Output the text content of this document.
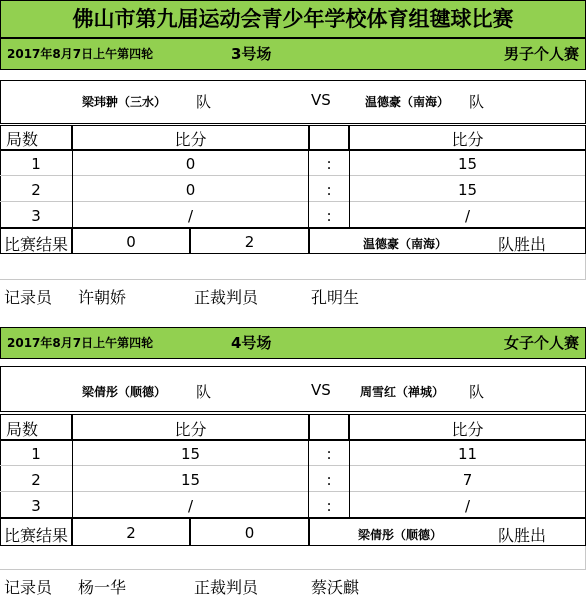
佛山市第九届运动会青少年学校体育组毽球比赛
2017年8月7日上午第四轮	3号场	男子个人赛
梁玮翀（三水） 队	VS	温德豪（南海） 队
局数	比分	比分
1	0	:	15
2	0	:	15
3	/	:	/
比赛结果	0	2	温德豪（南海）	队胜出
记录员 许朝娇	正裁判员	孔明生
2017年8月7日上午第四轮	4号场	女子个人赛
梁倩彤（顺德） 队	VS 周雪红（禅城） 队
局数	比分	比分
1	15	:	11
2	15	:	7
3	/	:	/
比赛结果	2	0	梁倩彤（顺德）	队胜出
记录员 杨一华	正裁判员	蔡沃麒
